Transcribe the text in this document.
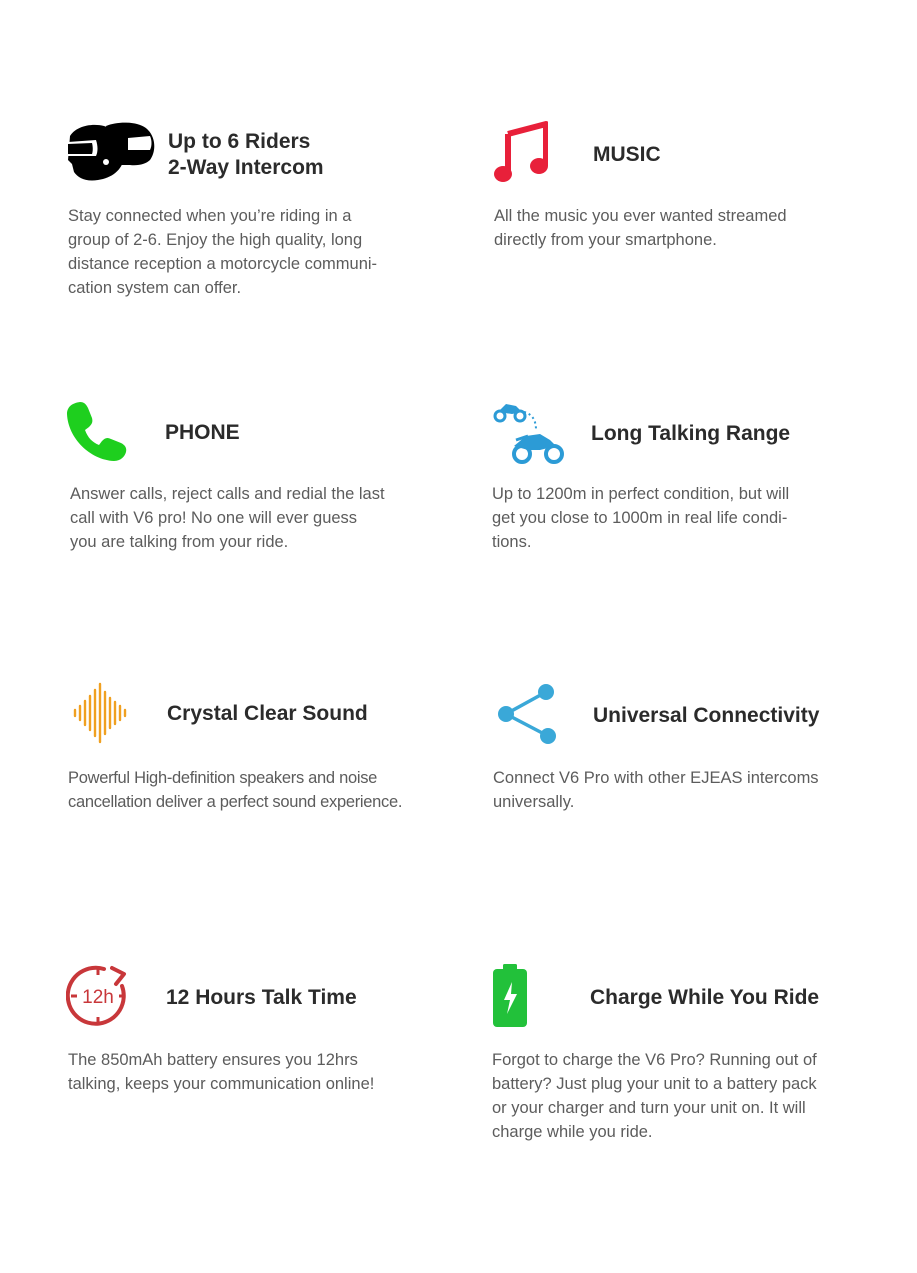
Up to 6 Riders
2-Way Intercom

Stay connected when you’re riding in a
group of 2-6. Enjoy the high quality, long
distance reception a motorcycle communi-
cation system can offer.

MUSIC

All the music you ever wanted streamed
directly from your smartphone.

PHONE

Answer calls, reject calls and redial the last
call with V6 pro! No one will ever guess
you are talking from your ride.

Long Talking Range

Up to 1200m in perfect condition, but will
get you close to 1000m in real life condi-
tions.

Crystal Clear Sound

Powerful High-definition speakers and noise
cancellation deliver a perfect sound experience.

Universal Connectivity

Connect V6 Pro with other EJEAS intercoms
universally.

12h 12 Hours Talk Time

The 850mAh battery ensures you 12hrs
talking, keeps your communication online!

Charge While You Ride

Forgot to charge the V6 Pro? Running out of
battery? Just plug your unit to a battery pack
or your charger and turn your unit on. It will
charge while you ride.
